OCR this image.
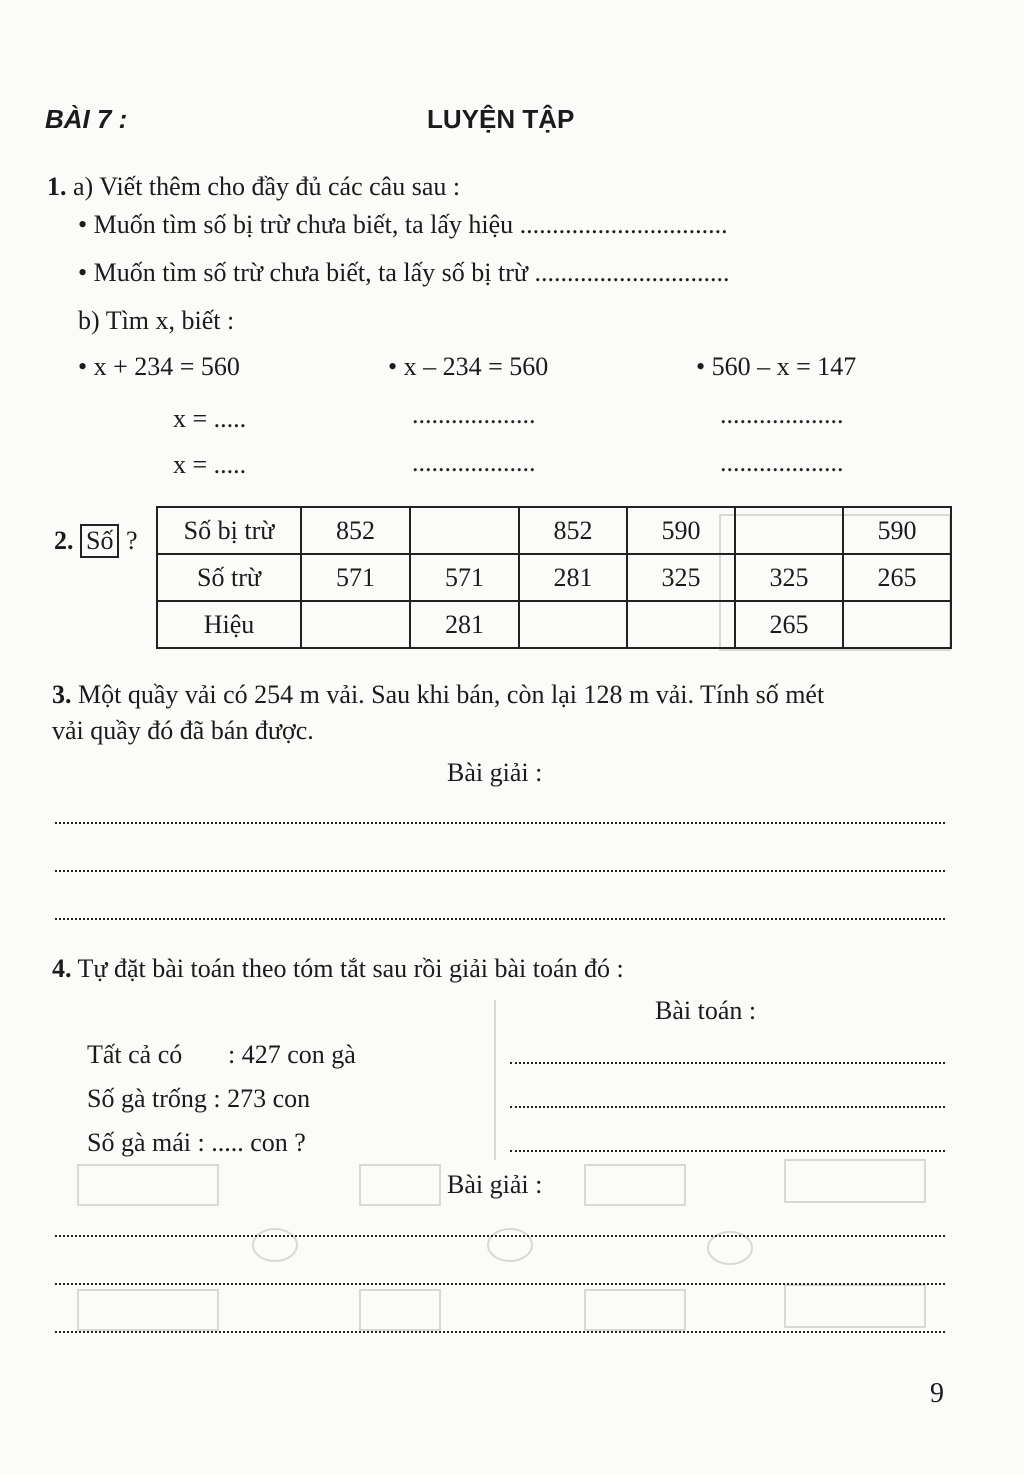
BÀI 7 :	LUYỆN TẬP
1. a) Viết thêm cho đầy đủ các câu sau :
• Muốn tìm số bị trừ chưa biết, ta lấy hiệu ................................
• Muốn tìm số trừ chưa biết, ta lấy số bị trừ ..............................
b) Tìm x, biết :
• x + 234 = 560	• x – 234 = 560	• 560 – x = 147
x = .....	...................	...................
x = .....	...................	...................
2. Số ? Số bị trừ	852		852	590		590
Số trừ	571	571	281	325	325	265
Hiệu		281			265	
3. Một quầy vải có 254 m vải. Sau khi bán, còn lại 128 m vải. Tính số mét
vải quầy đó đã bán được.
Bài giải :
4. Tự đặt bài toán theo tóm tắt sau rồi giải bài toán đó :
Bài toán :
Tất cả có : 427 con gà
Số gà trống : 273 con
Số gà mái : ..... con ?
Bài giải :
9
